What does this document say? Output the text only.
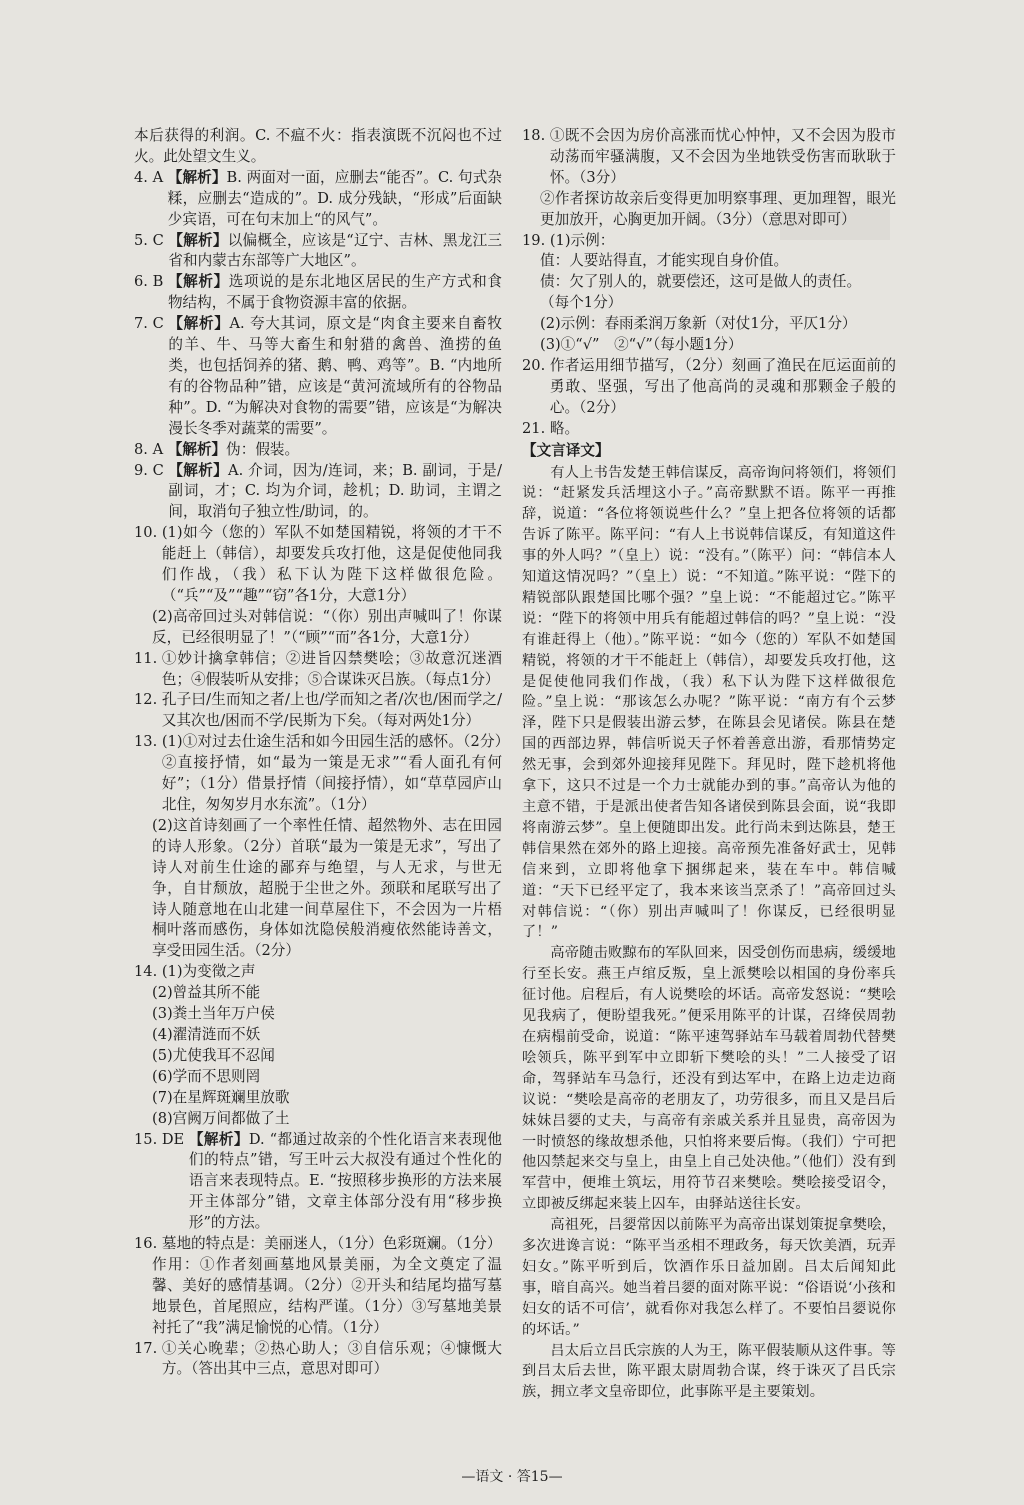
本后获得的利润。C. 不瘟不火：指表演既不沉闷也不过火。此处望文生义。

4. A 【解析】B. 两面对一面，应删去“能否”。C. 句式杂糅，应删去“造成的”。D. 成分残缺，“形成”后面缺少宾语，可在句末加上“的风气”。
5. C 【解析】以偏概全，应该是“辽宁、吉林、黑龙江三省和内蒙古东部等广大地区”。
6. B 【解析】选项说的是东北地区居民的生产方式和食物结构，不属于食物资源丰富的依据。
7. C 【解析】A. 夸大其词，原文是“肉食主要来自畜牧的羊、牛、马等大畜生和射猎的禽兽、渔捞的鱼类，也包括饲养的猪、鹅、鸭、鸡等”。B. “内地所有的谷物品种”错，应该是“黄河流域所有的谷物品种”。D. “为解决对食物的需要”错，应该是“为解决漫长冬季对蔬菜的需要”。
8. A 【解析】伪：假装。
9. C 【解析】A. 介词，因为/连词，来；B. 副词，于是/副词，才；C. 均为介词，趁机；D. 助词，主谓之间，取消句子独立性/助词，的。
10. (1)如今（您的）军队不如楚国精锐，将领的才干不能赶上（韩信），却要发兵攻打他，这是促使他同我们作战，（我）私下认为陛下这样做很危险。（“兵”“及”“趣”“窃”各1分，大意1分）

(2)高帝回过头对韩信说：“（你）别出声喊叫了！你谋反，已经很明显了！”（“顾”“而”各1分，大意1分）

11. ①妙计擒拿韩信；②进旨囚禁樊哙；③故意沉迷酒色；④假装听从安排；⑤合谋诛灭吕族。（每点1分）
12. 孔子曰/生而知之者/上也/学而知之者/次也/困而学之/又其次也/困而不学/民斯为下矣。（每对两处1分）
13. (1)①对过去仕途生活和如今田园生活的感怀。（2分）②直接抒情，如“最为一策是无求”“看人面孔有何好”；（1分）借景抒情（间接抒情），如“草草园庐山北住，匆匆岁月水东流”。（1分）

(2)这首诗刻画了一个率性任情、超然物外、志在田园的诗人形象。（2分）首联“最为一策是无求”，写出了诗人对前生仕途的鄙弃与绝望，与人无求，与世无争，自甘颓放，超脱于尘世之外。颈联和尾联写出了诗人随意地在山北建一间草屋住下，不会因为一片梧桐叶落而感伤，身体如沈隐侯般消瘦依然能诗善文，享受田园生活。（2分）

14. (1)为变徵之声

(2)曾益其所不能

(3)粪土当年万户侯

(4)濯清涟而不妖

(5)尤使我耳不忍闻

(6)学而不思则罔

(7)在星辉斑斓里放歌

(8)宫阙万间都做了土

15. DE 【解析】D. “都通过故亲的个性化语言来表现他们的特点”错，写王叶云大叔没有通过个性化的语言来表现特点。E. “按照移步换形的方法来展开主体部分”错，文章主体部分没有用“移步换形”的方法。
16. 墓地的特点是：美丽迷人，（1分）色彩斑斓。（1分）

作用：①作者刻画墓地风景美丽，为全文奠定了温馨、美好的感情基调。（2分）②开头和结尾均描写墓地景色，首尾照应，结构严谨。（1分）③写墓地美景衬托了“我”满足愉悦的心情。（1分）

17. ①关心晚辈；②热心助人；③自信乐观；④慷慨大方。（答出其中三点，意思对即可）
18. ①既不会因为房价高涨而忧心忡忡，又不会因为股市动荡而牢骚满腹，又不会因为坐地铁受伤害而耿耿于怀。（3分）

②作者探访故亲后变得更加明察事理、更加理智，眼光更加放开，心胸更加开阔。（3分）（意思对即可）

19. (1)示例：

值：人要站得直，才能实现自身价值。

债：欠了别人的，就要偿还，这可是做人的责任。

（每个1分）

(2)示例：春雨柔润万象新（对仗1分，平仄1分）

(3)①“√”　②“√”（每小题1分）

20. 作者运用细节描写，（2分）刻画了渔民在厄运面前的勇敢、坚强，写出了他高尚的灵魂和那颗金子般的心。（2分）
21. 略。
【文言译文】

有人上书告发楚王韩信谋反，高帝询问将领们，将领们说：“赶紧发兵活埋这小子。”高帝默默不语。陈平一再推辞，说道：“各位将领说些什么？”皇上把各位将领的话都告诉了陈平。陈平问：“有人上书说韩信谋反，有知道这件事的外人吗？”（皇上）说：“没有。”（陈平）问：“韩信本人知道这情况吗？”（皇上）说：“不知道。”陈平说：“陛下的精锐部队跟楚国比哪个强？”皇上说：“不能超过它。”陈平说：“陛下的将领中用兵有能超过韩信的吗？”皇上说：“没有谁赶得上（他）。”陈平说：“如今（您的）军队不如楚国精锐，将领的才干不能赶上（韩信），却要发兵攻打他，这是促使他同我们作战，（我）私下认为陛下这样做很危险。”皇上说：“那该怎么办呢？”陈平说：“南方有个云梦泽，陛下只是假装出游云梦，在陈县会见诸侯。陈县在楚国的西部边界，韩信听说天子怀着善意出游，看那情势定然无事，会到郊外迎接拜见陛下。拜见时，陛下趁机将他拿下，这只不过是一个力士就能办到的事。”高帝认为他的主意不错，于是派出使者告知各诸侯到陈县会面，说“我即将南游云梦”。皇上便随即出发。此行尚未到达陈县，楚王韩信果然在郊外的路上迎接。高帝预先准备好武士，见韩信来到，立即将他拿下捆绑起来，装在车中。韩信喊道：“天下已经平定了，我本来该当烹杀了！”高帝回过头对韩信说：“（你）别出声喊叫了！你谋反，已经很明显了！”

高帝随击败黥布的军队回来，因受创伤而患病，缓缓地行至长安。燕王卢绾反叛，皇上派樊哙以相国的身份率兵征讨他。启程后，有人说樊哙的坏话。高帝发怒说：“樊哙见我病了，便盼望我死。”便采用陈平的计谋，召绛侯周勃在病榻前受命，说道：“陈平速驾驿站车马载着周勃代替樊哙领兵，陈平到军中立即斩下樊哙的头！”二人接受了诏命，驾驿站车马急行，还没有到达军中，在路上边走边商议说：“樊哙是高帝的老朋友了，功劳很多，而且又是吕后妹妹吕媭的丈夫，与高帝有亲戚关系并且显贵，高帝因为一时愤怒的缘故想杀他，只怕将来要后悔。（我们）宁可把他囚禁起来交与皇上，由皇上自己处决他。”（他们）没有到军营中，便堆土筑坛，用符节召来樊哙。樊哙接受诏令，立即被反绑起来装上囚车，由驿站送往长安。

高祖死，吕媭常因以前陈平为高帝出谋划策捉拿樊哙，多次进谗言说：“陈平当丞相不理政务，每天饮美酒，玩弄妇女。”陈平听到后，饮酒作乐日益加剧。吕太后闻知此事，暗自高兴。她当着吕媭的面对陈平说：“俗语说‘小孩和妇女的话不可信’，就看你对我怎么样了。不要怕吕媭说你的坏话。”

吕太后立吕氏宗族的人为王，陈平假装顺从这件事。等到吕太后去世，陈平跟太尉周勃合谋，终于诛灭了吕氏宗族，拥立孝文皇帝即位，此事陈平是主要策划。

—语文 · 答15—
